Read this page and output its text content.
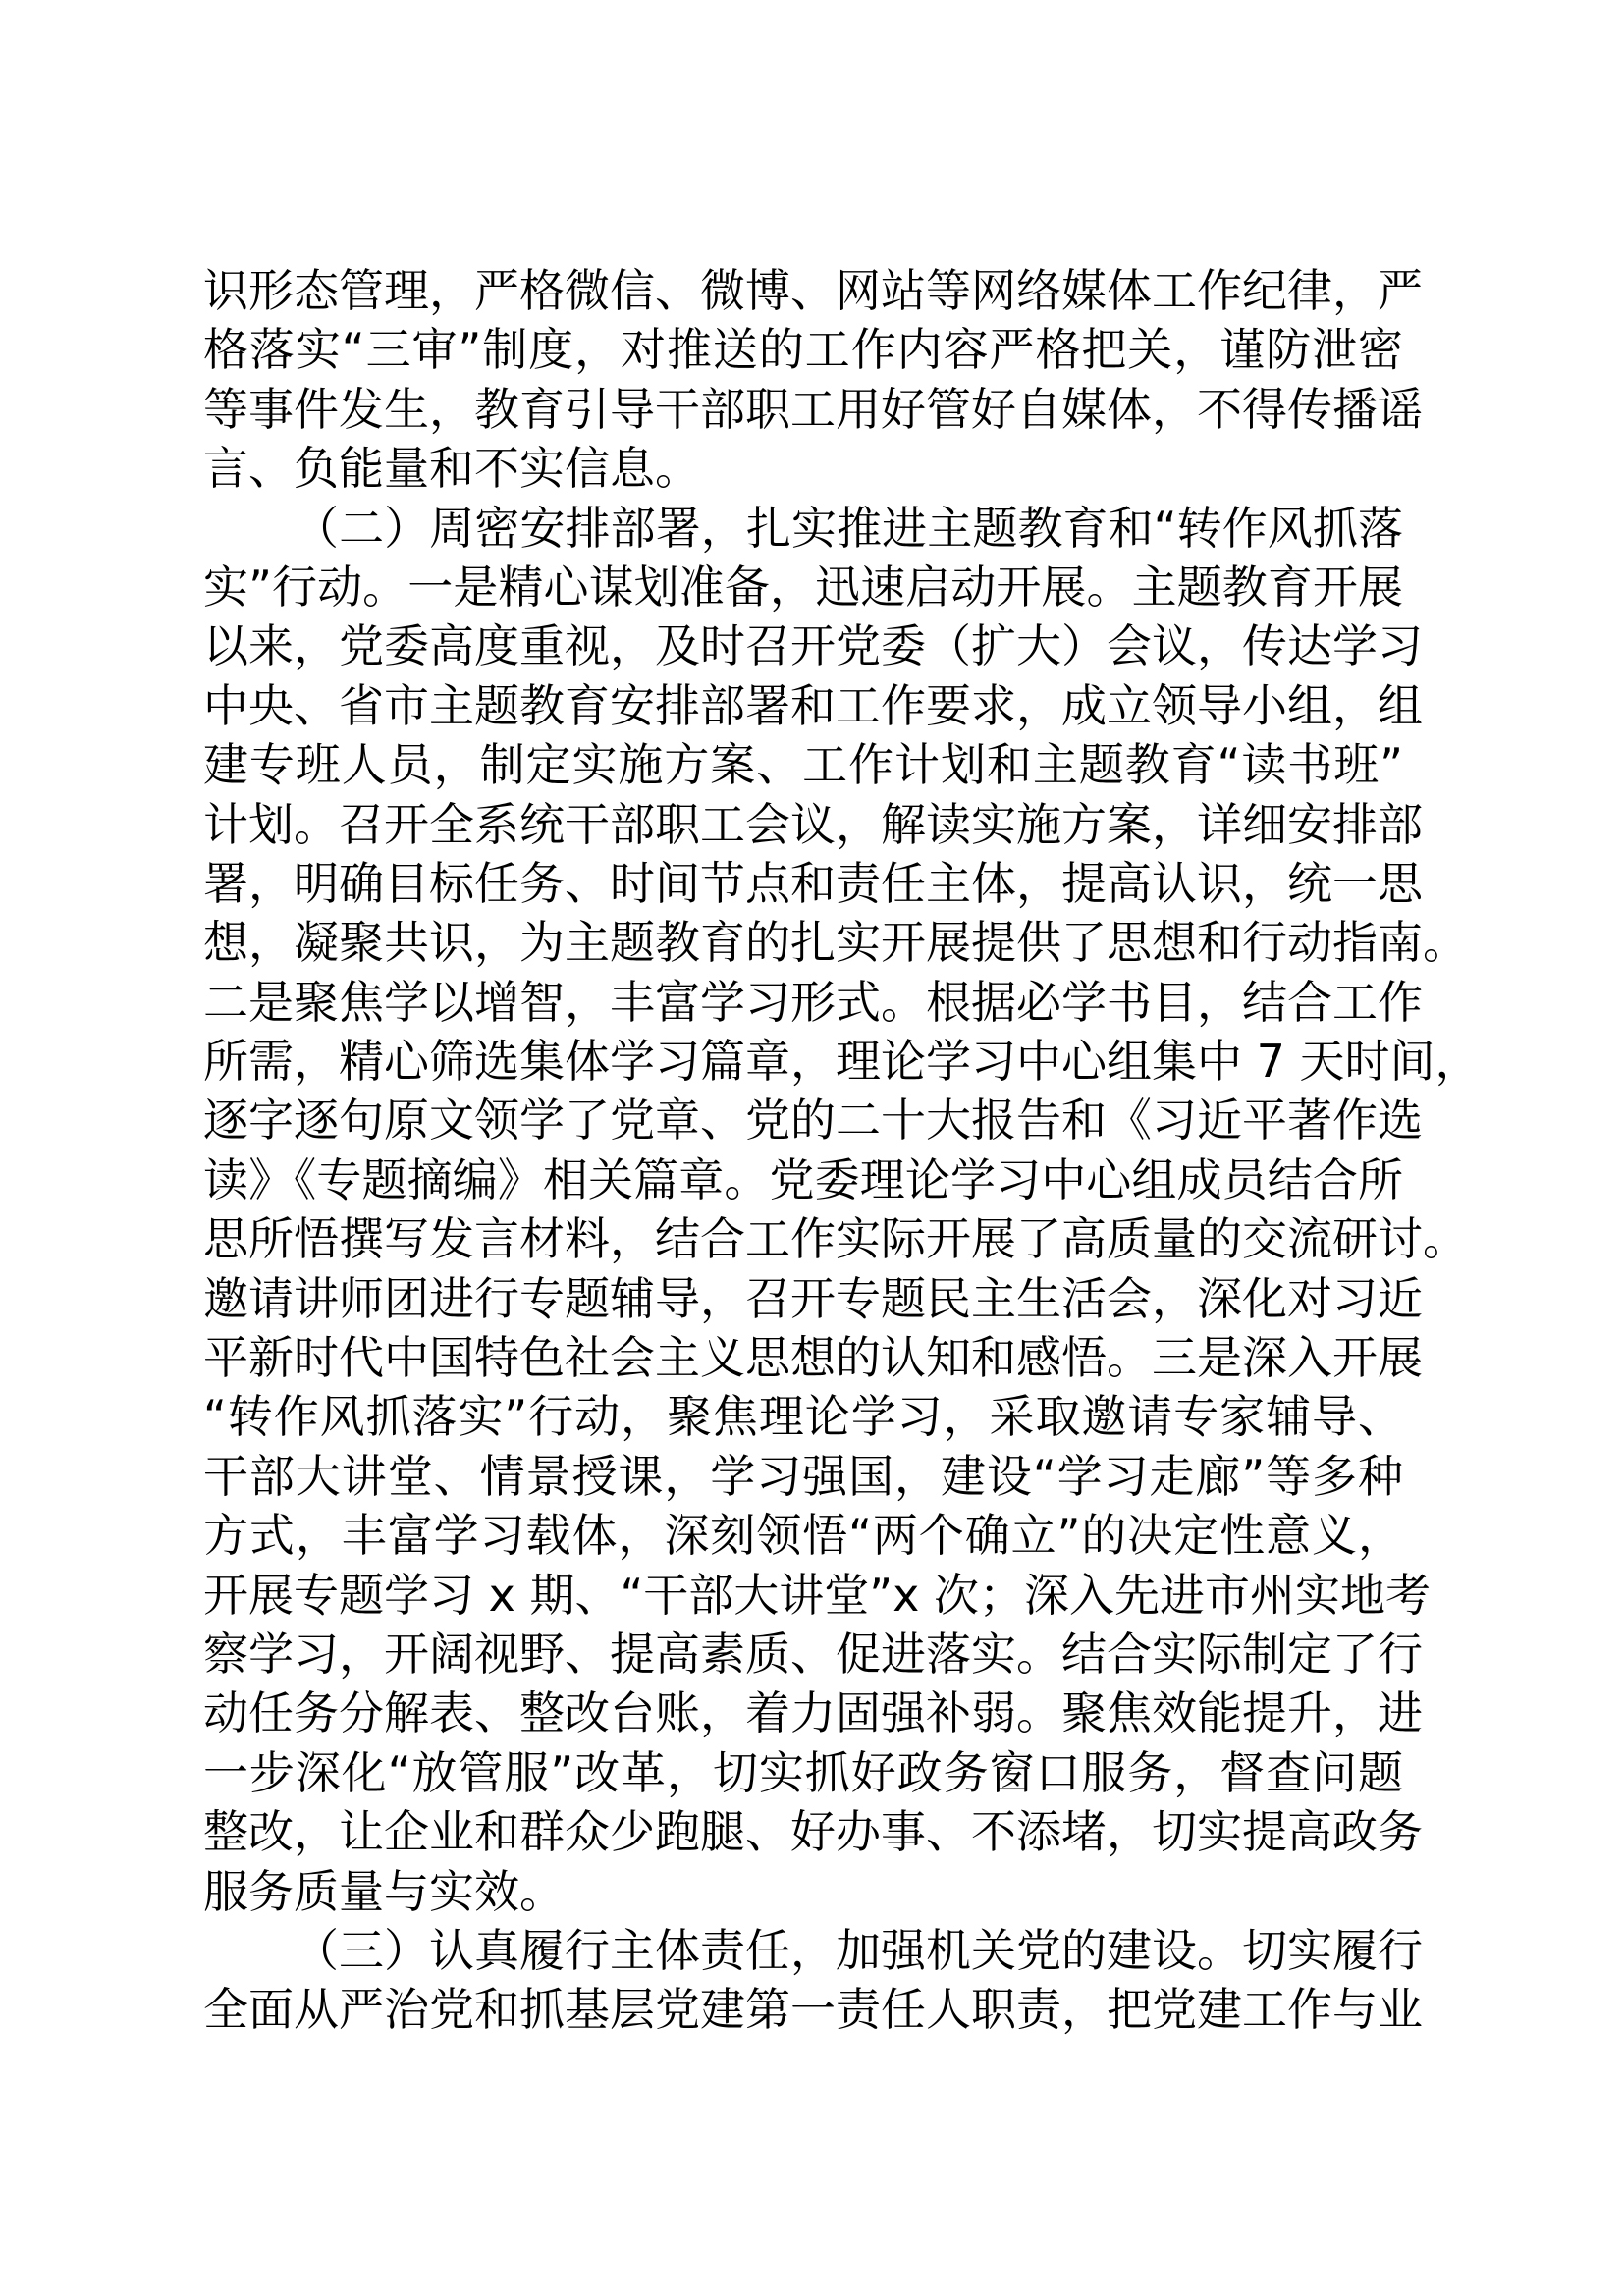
识形态管理，严格微信、微博、网站等网络媒体工作纪律，严
格落实“三审”制度，对推送的工作内容严格把关，谨防泄密
等事件发生，教育引导干部职工用好管好自媒体，不得传播谣
言、负能量和不实信息。
（二）周密安排部署，扎实推进主题教育和“转作风抓落
实”行动。一是精心谋划准备，迅速启动开展。主题教育开展
以来，党委高度重视，及时召开党委（扩大）会议，传达学习
中央、省市主题教育安排部署和工作要求，成立领导小组，组
建专班人员，制定实施方案、工作计划和主题教育“读书班”
计划。召开全系统干部职工会议，解读实施方案，详细安排部
署，明确目标任务、时间节点和责任主体，提高认识，统一思
想，凝聚共识，为主题教育的扎实开展提供了思想和行动指南。
二是聚焦学以增智，丰富学习形式。根据必学书目，结合工作
所需，精心筛选集体学习篇章，理论学习中心组集中 7 天时间，
逐字逐句原文领学了党章、党的二十大报告和《习近平著作选
读》《专题摘编》相关篇章。党委理论学习中心组成员结合所
思所悟撰写发言材料，结合工作实际开展了高质量的交流研讨。
邀请讲师团进行专题辅导，召开专题民主生活会，深化对习近
平新时代中国特色社会主义思想的认知和感悟。三是深入开展
“转作风抓落实”行动，聚焦理论学习，采取邀请专家辅导、
干部大讲堂、情景授课，学习强国，建设“学习走廊”等多种
方式，丰富学习载体，深刻领悟“两个确立”的决定性意义，
开展专题学习 x 期、“干部大讲堂”x 次；深入先进市州实地考
察学习，开阔视野、提高素质、促进落实。结合实际制定了行
动任务分解表、整改台账，着力固强补弱。聚焦效能提升，进
一步深化“放管服”改革，切实抓好政务窗口服务，督查问题
整改，让企业和群众少跑腿、好办事、不添堵，切实提高政务
服务质量与实效。
（三）认真履行主体责任，加强机关党的建设。切实履行
全面从严治党和抓基层党建第一责任人职责，把党建工作与业
